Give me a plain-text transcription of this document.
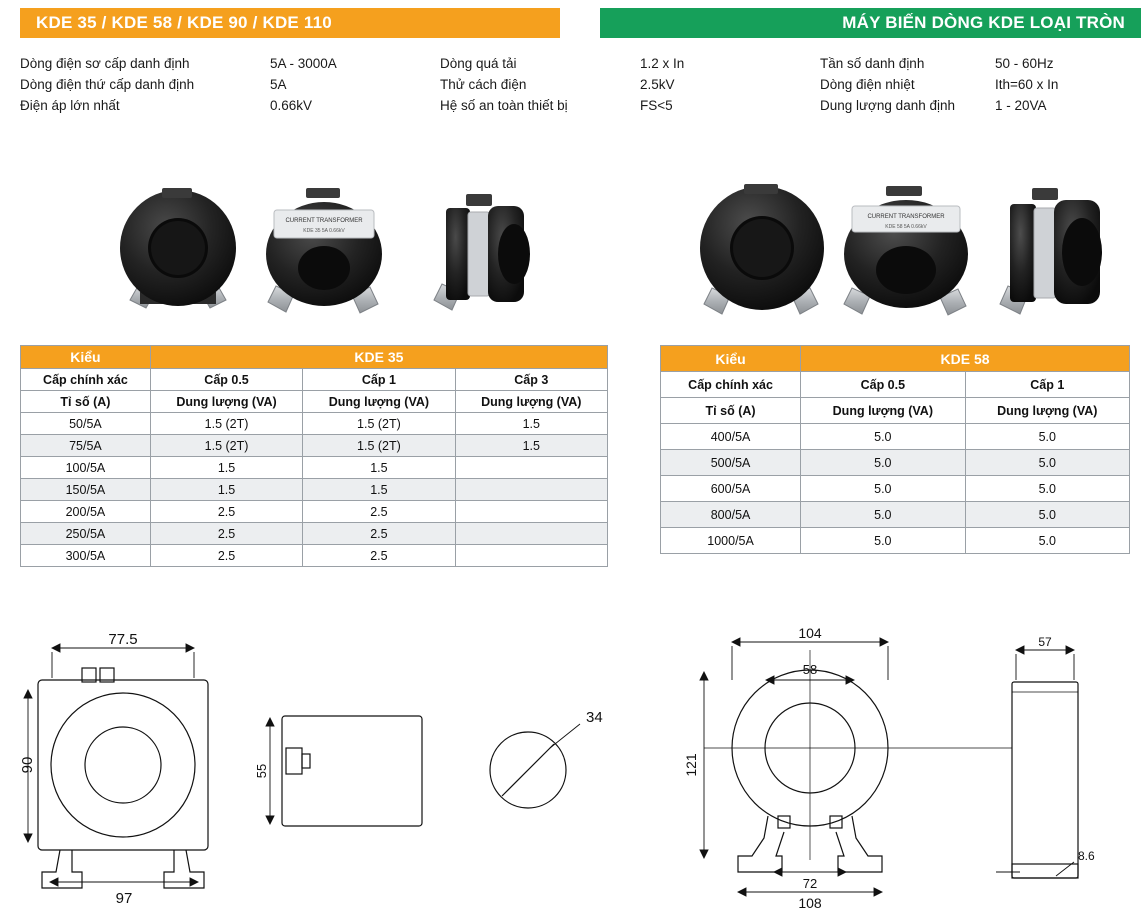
KDE 35 / KDE 58 / KDE 90 / KDE 110	MÁY BIẾN DÒNG KDE LOẠI TRÒN
Dòng điện sơ cấp danh định	5A - 3000A	Dòng quá tải	1.2 x In	Tần số danh định	50 - 60Hz
Dòng điện thứ cấp danh định	5A	Thử cách điện	2.5kV	Dòng điện nhiệt	Ith=60 x In
Điện áp lớn nhất	0.66kV	Hệ số an toàn thiết bị	FS<5	Dung lượng danh định	1 - 20VA
CURRENT TRANSFORMER
KDE 35 5A 0.66kV
CURRENT TRANSFORMER
KDE 58 5A 0.66kV
Kiểu	KDE 35		
Cấp chính xác	Cấp 0.5	Cấp 1	Cấp 3
Tỉ số (A)	Dung lượng (VA)	Dung lượng (VA)	Dung lượng (VA)
50/5A	1.5 (2T)	1.5 (2T)	1.5
75/5A	1.5 (2T)	1.5 (2T)	1.5
100/5A	1.5	1.5	
150/5A	1.5	1.5	
200/5A	2.5	2.5	
250/5A	2.5	2.5	
300/5A	2.5	2.5	
Kiểu	KDE 58	
Cấp chính xác	Cấp 0.5	Cấp 1
Tỉ số (A)	Dung lượng (VA)	Dung lượng (VA)
400/5A	5.0	5.0
500/5A	5.0	5.0
600/5A	5.0	5.0
800/5A	5.0	5.0
1000/5A	5.0	5.0
77.5
90
97
55
34
104
58
121
72
108
57
8.6
